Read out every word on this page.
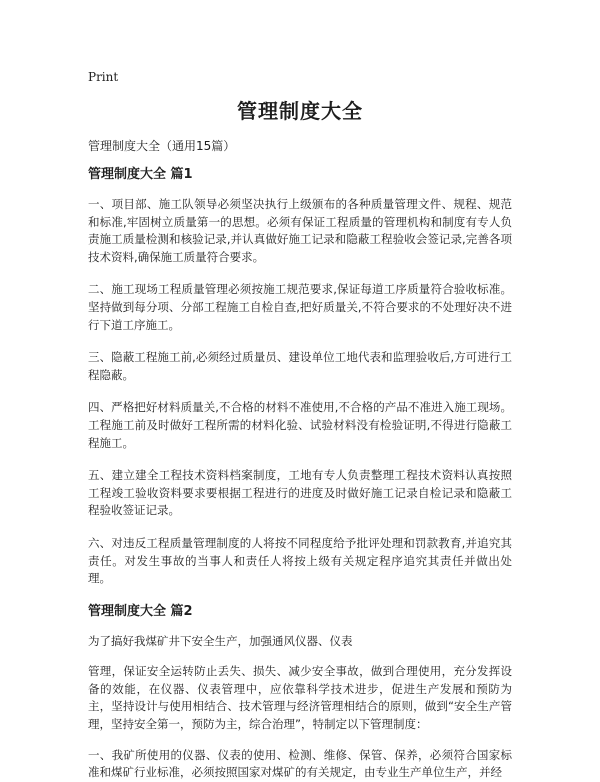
Print
管理制度大全

管理制度大全（通用15篇）

管理制度大全 篇1

一、项目部、施工队领导必须坚决执行上级颁布的各种质量管理文件、规程、规范和标准,牢固树立质量第一的思想。必须有保证工程质量的管理机构和制度有专人负责施工质量检测和核验记录,并认真做好施工记录和隐蔽工程验收会签记录,完善各项技术资料,确保施工质量符合要求。

二、施工现场工程质量管理必须按施工规范要求,保证每道工序质量符合验收标准。坚持做到每分项、分部工程施工自检自查,把好质量关,不符合要求的不处理好决不进行下道工序施工。

三、隐蔽工程施工前,必须经过质量员、建设单位工地代表和监理验收后,方可进行工程隐蔽。

四、严格把好材料质量关,不合格的材料不准使用,不合格的产品不准进入施工现场。工程施工前及时做好工程所需的材料化验、试验材料没有检验证明,不得进行隐蔽工程施工。

五、建立建全工程技术资料档案制度，工地有专人负责整理工程技术资料认真按照工程竣工验收资料要求要根据工程进行的进度及时做好施工记录自检记录和隐蔽工程验收签证记录。

六、对违反工程质量管理制度的人将按不同程度给予批评处理和罚款教育,并追究其责任。对发生事故的当事人和责任人将按上级有关规定程序追究其责任并做出处理。

管理制度大全 篇2

为了搞好我煤矿井下安全生产，加强通风仪器、仪表

管理，保证安全运转防止丢失、损失、减少安全事故，做到合理使用，充分发挥设备的效能，在仪器、仪表管理中，应依靠科学技术进步，促进生产发展和预防为主，坚持设计与使用相结合、技术管理与经济管理相结合的原则，做到“安全生产管理，坚持安全第一，预防为主，综合治理”，特制定以下管理制度：

一、我矿所使用的仪器、仪表的使用、检测、维修、保管、保养，必须符合国家标准和煤矿行业标准，必须按照国家对煤矿的有关规定，由专业生产单位生产，并经
